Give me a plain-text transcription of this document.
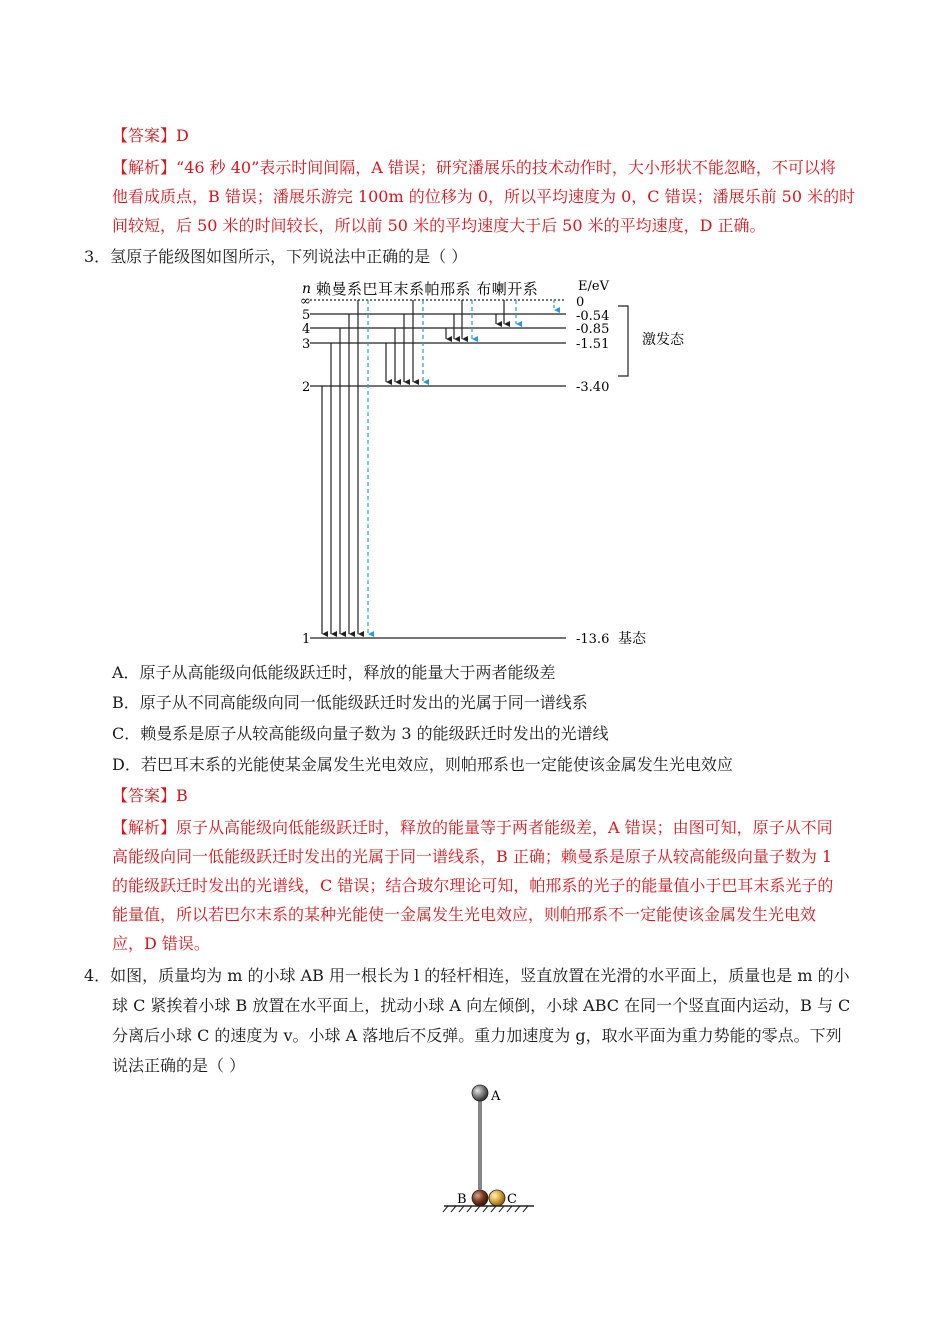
【答案】D
【解析】“46 秒 40”表示时间间隔，A 错误；研究潘展乐的技术动作时，大小形状不能忽略，不可以将
他看成质点，B 错误；潘展乐游完 100m 的位移为 0，所以平均速度为 0，C 错误；潘展乐前 50 米的时
间较短，后 50 米的时间较长，所以前 50 米的平均速度大于后 50 米的平均速度，D 正确。
3．氢原子能级图如图所示，下列说法中正确的是（ ）
n 赖曼系巴耳末系帕邢系 布喇开系	E/eV
∞
5
4
3
2
1
0
-0.54
-0.85
-1.51
-3.40
-13.6 基态
激发态
A．原子从高能级向低能级跃迁时，释放的能量大于两者能级差
B．原子从不同高能级向同一低能级跃迁时发出的光属于同一谱线系
C．赖曼系是原子从较高能级向量子数为 3 的能级跃迁时发出的光谱线
D．若巴耳末系的光能使某金属发生光电效应，则帕邢系也一定能使该金属发生光电效应
【答案】B
【解析】原子从高能级向低能级跃迁时，释放的能量等于两者能级差，A 错误；由图可知，原子从不同
高能级向同一低能级跃迁时发出的光属于同一谱线系，B 正确；赖曼系是原子从较高能级向量子数为 1
的能级跃迁时发出的光谱线，C 错误；结合玻尔理论可知，帕邢系的光子的能量值小于巴耳末系光子的
能量值，所以若巴尔末系的某种光能使一金属发生光电效应，则帕邢系不一定能使该金属发生光电效
应，D 错误。
4．如图，质量均为 m 的小球 AB 用一根长为 l 的轻杆相连，竖直放置在光滑的水平面上，质量也是 m 的小
球 C 紧挨着小球 B 放置在水平面上，扰动小球 A 向左倾倒，小球 ABC 在同一个竖直面内运动，B 与 C
分离后小球 C 的速度为 v。小球 A 落地后不反弹。重力加速度为 g，取水平面为重力势能的零点。下列
说法正确的是（ ）
A
B	C
